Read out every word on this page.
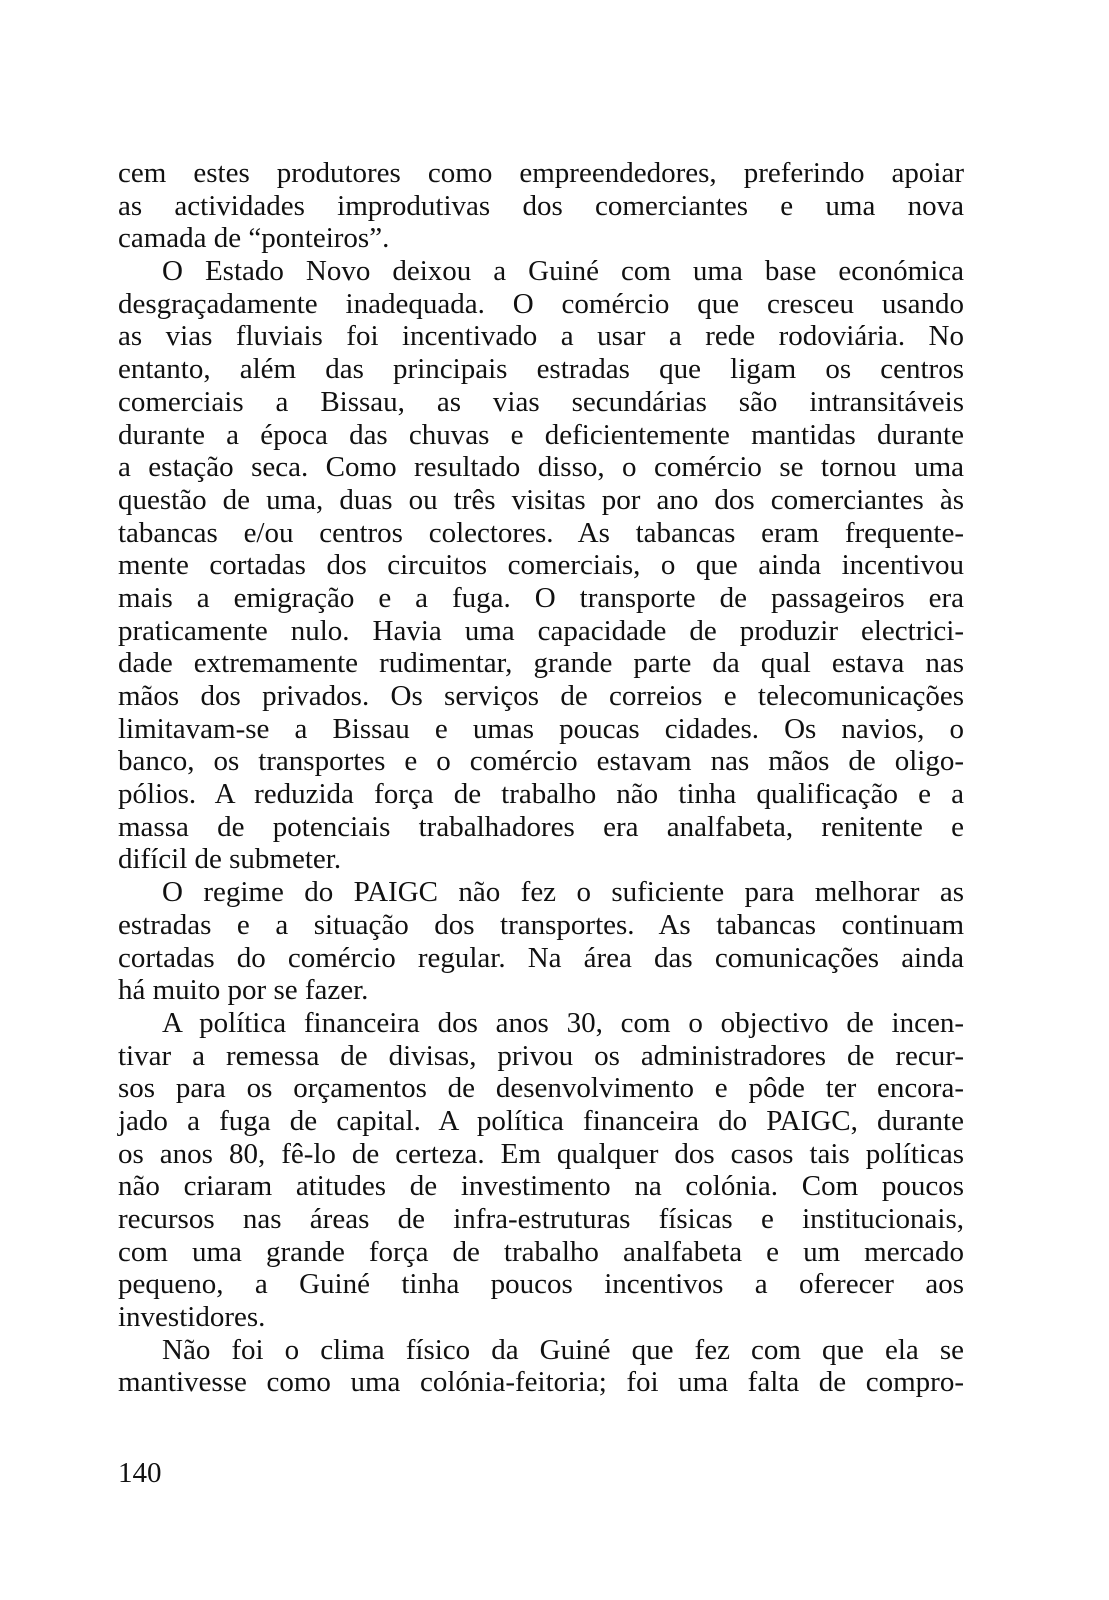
cem estes produtores como empreendedores, preferindo apoiar
as actividades improdutivas dos comerciantes e uma nova
camada de “ponteiros”.
O Estado Novo deixou a Guiné com uma base económica
desgraçadamente inadequada. O comércio que cresceu usando
as vias fluviais foi incentivado a usar a rede rodoviária. No
entanto, além das principais estradas que ligam os centros
comerciais a Bissau, as vias secundárias são intransitáveis
durante a época das chuvas e deficientemente mantidas durante
a estação seca. Como resultado disso, o comércio se tornou uma
questão de uma, duas ou três visitas por ano dos comerciantes às
tabancas e/ou centros colectores. As tabancas eram frequente-
mente cortadas dos circuitos comerciais, o que ainda incentivou
mais a emigração e a fuga. O transporte de passageiros era
praticamente nulo. Havia uma capacidade de produzir electrici-
dade extremamente rudimentar, grande parte da qual estava nas
mãos dos privados. Os serviços de correios e telecomunicações
limitavam-se a Bissau e umas poucas cidades. Os navios, o
banco, os transportes e o comércio estavam nas mãos de oligo-
pólios. A reduzida força de trabalho não tinha qualificação e a
massa de potenciais trabalhadores era analfabeta, renitente e
difícil de submeter.
O regime do PAIGC não fez o suficiente para melhorar as
estradas e a situação dos transportes. As tabancas continuam
cortadas do comércio regular. Na área das comunicações ainda
há muito por se fazer.
A política financeira dos anos 30, com o objectivo de incen-
tivar a remessa de divisas, privou os administradores de recur-
sos para os orçamentos de desenvolvimento e pôde ter encora-
jado a fuga de capital. A política financeira do PAIGC, durante
os anos 80, fê-lo de certeza. Em qualquer dos casos tais políticas
não criaram atitudes de investimento na colónia. Com poucos
recursos nas áreas de infra-estruturas físicas e institucionais,
com uma grande força de trabalho analfabeta e um mercado
pequeno, a Guiné tinha poucos incentivos a oferecer aos
investidores.
Não foi o clima físico da Guiné que fez com que ela se
mantivesse como uma colónia-feitoria; foi uma falta de compro-
140
